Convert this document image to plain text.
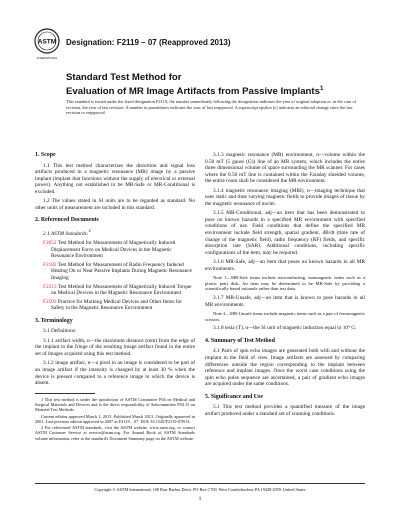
ASTM
INTERNATIONAL
Designation: F2119 – 07 (Reapproved 2013)
Standard Test Method for
Evaluation of MR Image Artifacts from Passive Implants$^1$
This standard is issued under the fixed designation F2119; the number immediately following the designation indicates the year of original adoption or, in the case of revision, the year of last revision. A number in parentheses indicates the year of last reapproval. A superscript epsilon (ε) indicates an editorial change since the last revision or reapproval.
1. Scope

1.1 This test method characterizes the distortion and signal loss artifacts produced in a magnetic resonance (MR) image by a passive implant (implant that functions without the supply of electrical or external power). Anything not established to be MR-Safe or MR-Conditional is excluded.

1.2 The values stated in SI units are to be regarded as standard. No other units of measurement are included in this standard.

2. Referenced Documents

2.1 ASTM Standards:$^2$

F2052 Test Method for Measurement of Magnetically Induced Displacement Force on Medical Devices in the Magnetic Resonance Environment
F2182 Test Method for Measurement of Radio Frequency Induced Heating On or Near Passive Implants During Magnetic Resonance Imaging
F2213 Test Method for Measurement of Magnetically Induced Torque on Medical Devices in the Magnetic Resonance Environment
F2503 Practice for Marking Medical Devices and Other Items for Safety in the Magnetic Resonance Environment
3. Terminology

3.1 Definitions:

3.1.1 artifact width, n—the maximum distance (mm) from the edge of the implant to the fringe of the resulting image artifact found in the entire set of images acquired using this test method.

3.1.2 image artifact, n—a pixel in an image is considered to be part of an image artifact if the intensity is changed by at least 30 % when the device is present compared to a reference image in which the device is absent.

1 This test method is under the jurisdiction of ASTM Committee F04 on Medical and Surgical Materials and Devices and is the direct responsibility of Subcommittee F04.15 on Material Test Methods.
Current edition approved March 1, 2013. Published March 2013. Originally approved in 2001. Last previous edition approved in 2007 as F2119 – 07. DOI: 10.1520/F2119-07R13.
2 For referenced ASTM standards, visit the ASTM website, www.astm.org, or contact ASTM Customer Service at service@astm.org. For Annual Book of ASTM Standards volume information, refer to the standard's Document Summary page on the ASTM website.

3.1.3 magnetic resonance (MR) environment, n—volume within the 0.50 mT (5 gauss (G)) line of an MR system, which includes the entire three dimensional volume of space surrounding the MR scanner. For cases where the 0.50 mT line is contained within the Faraday shielded volume, the entire room shall be considered the MR environment.

3.1.4 magnetic resonance imaging (MRI), n—imaging technique that uses static and time varying magnetic fields to provide images of tissue by the magnetic resonance of nuclei.

3.1.5 MR-Conditional, adj—an item that has been demonstrated to pose no known hazards in a specified MR environment with specified conditions of use. Field conditions that define the specified MR environment include field strength, spatial gradient, dB/dt (time rate of change of the magnetic field), radio frequency (RF) fields, and specific absorption rate (SAR). Additional conditions, including specific configurations of the item, may be required.

3.1.6 MR-Safe, adj—an item that poses no known hazards in all MR environments.

Note 1—MR-Safe items include nonconducting, nonmagnetic items such as a plastic petri dish. An item may be determined to be MR-Safe by providing a scientifically based rationale rather than test data.

3.1.7 MR-Unsafe, adj—an item that is known to pose hazards in all MR environments.

Note 2—MR-Unsafe items include magnetic items such as a pair of ferromagnetic scissors.

3.1.8 tesla (T), n—the SI unit of magnetic induction equal to 10⁴ G.

4. Summary of Test Method

4.1 Pairs of spin echo images are generated both with and without the implant in the field of view. Image artifacts are assessed by comparing differences outside the region corresponding to the implant between reference and implant images. Once the worst case conditions using the spin echo pulse sequence are ascertained, a pair of gradient echo images are acquired under the same conditions.

5. Significance and Use

5.1 This test method provides a quantified measure of the image artifact produced under a standard set of scanning conditions.

Copyright © ASTM International, 100 Barr Harbor Drive, PO Box C700, West Conshohocken, PA 19428-2959. United States
1
